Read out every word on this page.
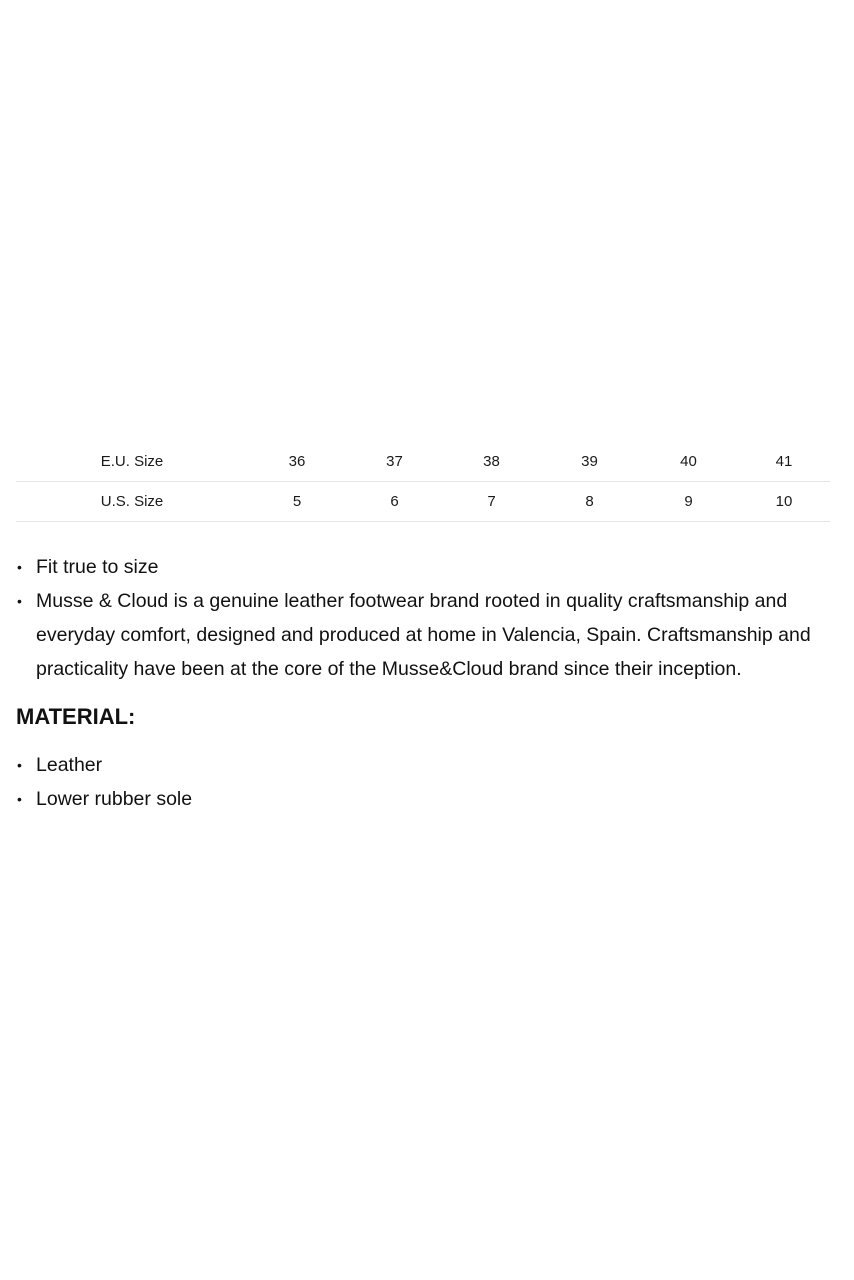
E.U. Size	36	37	38	39	40	41
U.S. Size	5	6	7	8	9	10
• Fit true to size
• Musse & Cloud is a genuine leather footwear brand rooted in quality craftsmanship and everyday comfort, designed and produced at home in Valencia, Spain. Craftsmanship and practicality have been at the core of the Musse&Cloud brand since their inception.
MATERIAL:
• Leather
• Lower rubber sole
